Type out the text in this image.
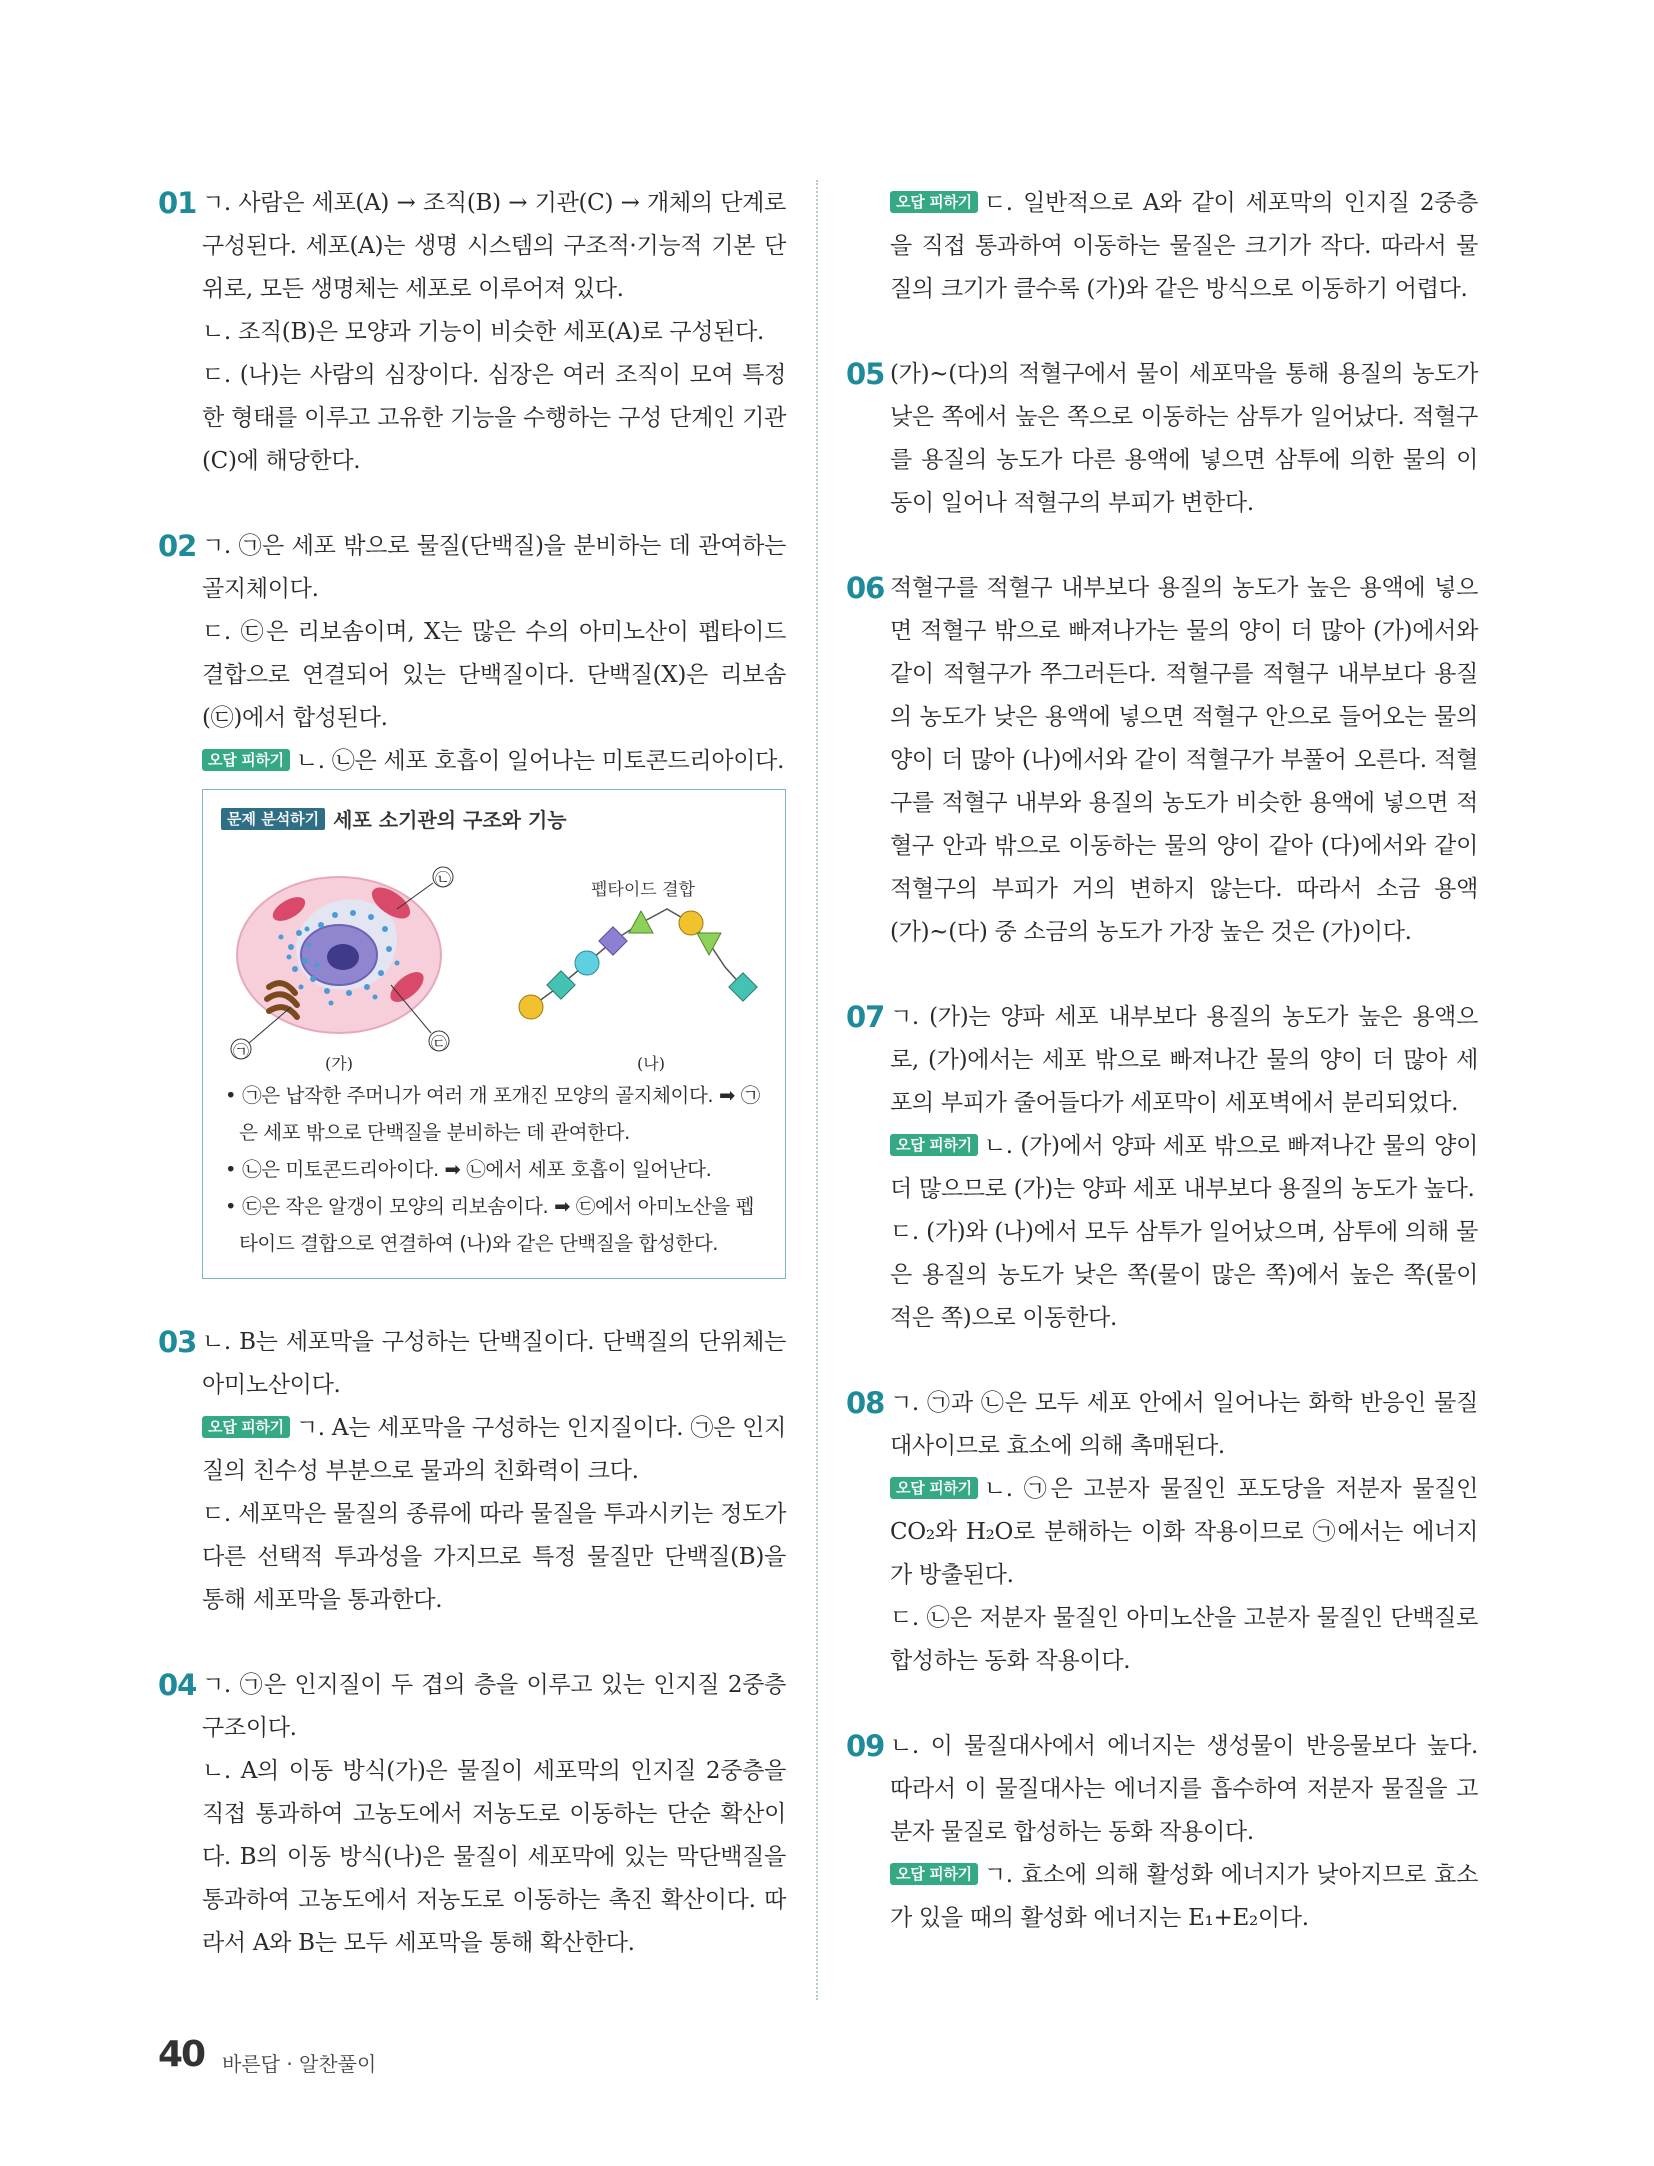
01 ㄱ. 사람은 세포(A) → 조직(B) → 기관(C) → 개체의 단계로 구성된다. 세포(A)는 생명 시스템의 구조적·기능적 기본 단위로, 모든 생명체는 세포로 이루어져 있다.

ㄴ. 조직(B)은 모양과 기능이 비슷한 세포(A)로 구성된다.

ㄷ. (나)는 사람의 심장이다. 심장은 여러 조직이 모여 특정한 형태를 이루고 고유한 기능을 수행하는 구성 단계인 기관(C)에 해당한다.

02 ㄱ. ㉠은 세포 밖으로 물질(단백질)을 분비하는 데 관여하는 골지체이다.

ㄷ. ㉢은 리보솜이며, X는 많은 수의 아미노산이 펩타이드 결합으로 연결되어 있는 단백질이다. 단백질(X)은 리보솜(㉢)에서 합성된다.

오답 피하기 ㄴ. ㉡은 세포 호흡이 일어나는 미토콘드리아이다.

문제 분석하기 세포 소기관의 구조와 기능
㉠
㉡
㉢
펩타이드 결합
(가)	(나)

• ㉠은 납작한 주머니가 여러 개 포개진 모양의 골지체이다. ➡ ㉠은 세포 밖으로 단백질을 분비하는 데 관여한다.

• ㉡은 미토콘드리아이다. ➡ ㉡에서 세포 호흡이 일어난다.

• ㉢은 작은 알갱이 모양의 리보솜이다. ➡ ㉢에서 아미노산을 펩타이드 결합으로 연결하여 (나)와 같은 단백질을 합성한다.

03 ㄴ. B는 세포막을 구성하는 단백질이다. 단백질의 단위체는 아미노산이다.

오답 피하기 ㄱ. A는 세포막을 구성하는 인지질이다. ㉠은 인지질의 친수성 부분으로 물과의 친화력이 크다.

ㄷ. 세포막은 물질의 종류에 따라 물질을 투과시키는 정도가 다른 선택적 투과성을 가지므로 특정 물질만 단백질(B)을 통해 세포막을 통과한다.

04 ㄱ. ㉠은 인지질이 두 겹의 층을 이루고 있는 인지질 2중층 구조이다.

ㄴ. A의 이동 방식(가)은 물질이 세포막의 인지질 2중층을 직접 통과하여 고농도에서 저농도로 이동하는 단순 확산이다. B의 이동 방식(나)은 물질이 세포막에 있는 막단백질을 통과하여 고농도에서 저농도로 이동하는 촉진 확산이다. 따라서 A와 B는 모두 세포막을 통해 확산한다.

오답 피하기 ㄷ. 일반적으로 A와 같이 세포막의 인지질 2중층을 직접 통과하여 이동하는 물질은 크기가 작다. 따라서 물질의 크기가 클수록 (가)와 같은 방식으로 이동하기 어렵다.

05 (가)~(다)의 적혈구에서 물이 세포막을 통해 용질의 농도가 낮은 쪽에서 높은 쪽으로 이동하는 삼투가 일어났다. 적혈구를 용질의 농도가 다른 용액에 넣으면 삼투에 의한 물의 이동이 일어나 적혈구의 부피가 변한다.

06 적혈구를 적혈구 내부보다 용질의 농도가 높은 용액에 넣으면 적혈구 밖으로 빠져나가는 물의 양이 더 많아 (가)에서와 같이 적혈구가 쭈그러든다. 적혈구를 적혈구 내부보다 용질의 농도가 낮은 용액에 넣으면 적혈구 안으로 들어오는 물의 양이 더 많아 (나)에서와 같이 적혈구가 부풀어 오른다. 적혈구를 적혈구 내부와 용질의 농도가 비슷한 용액에 넣으면 적혈구 안과 밖으로 이동하는 물의 양이 같아 (다)에서와 같이 적혈구의 부피가 거의 변하지 않는다. 따라서 소금 용액 (가)~(다) 중 소금의 농도가 가장 높은 것은 (가)이다.

07 ㄱ. (가)는 양파 세포 내부보다 용질의 농도가 높은 용액으로, (가)에서는 세포 밖으로 빠져나간 물의 양이 더 많아 세포의 부피가 줄어들다가 세포막이 세포벽에서 분리되었다.

오답 피하기 ㄴ. (가)에서 양파 세포 밖으로 빠져나간 물의 양이 더 많으므로 (가)는 양파 세포 내부보다 용질의 농도가 높다.

ㄷ. (가)와 (나)에서 모두 삼투가 일어났으며, 삼투에 의해 물은 용질의 농도가 낮은 쪽(물이 많은 쪽)에서 높은 쪽(물이 적은 쪽)으로 이동한다.

08 ㄱ. ㉠과 ㉡은 모두 세포 안에서 일어나는 화학 반응인 물질대사이므로 효소에 의해 촉매된다.

오답 피하기 ㄴ. ㉠은 고분자 물질인 포도당을 저분자 물질인 CO₂와 H₂O로 분해하는 이화 작용이므로 ㉠에서는 에너지가 방출된다.

ㄷ. ㉡은 저분자 물질인 아미노산을 고분자 물질인 단백질로 합성하는 동화 작용이다.

09 ㄴ. 이 물질대사에서 에너지는 생성물이 반응물보다 높다. 따라서 이 물질대사는 에너지를 흡수하여 저분자 물질을 고분자 물질로 합성하는 동화 작용이다.

오답 피하기 ㄱ. 효소에 의해 활성화 에너지가 낮아지므로 효소가 있을 때의 활성화 에너지는 E₁+E₂이다.

40 바른답 · 알찬풀이
